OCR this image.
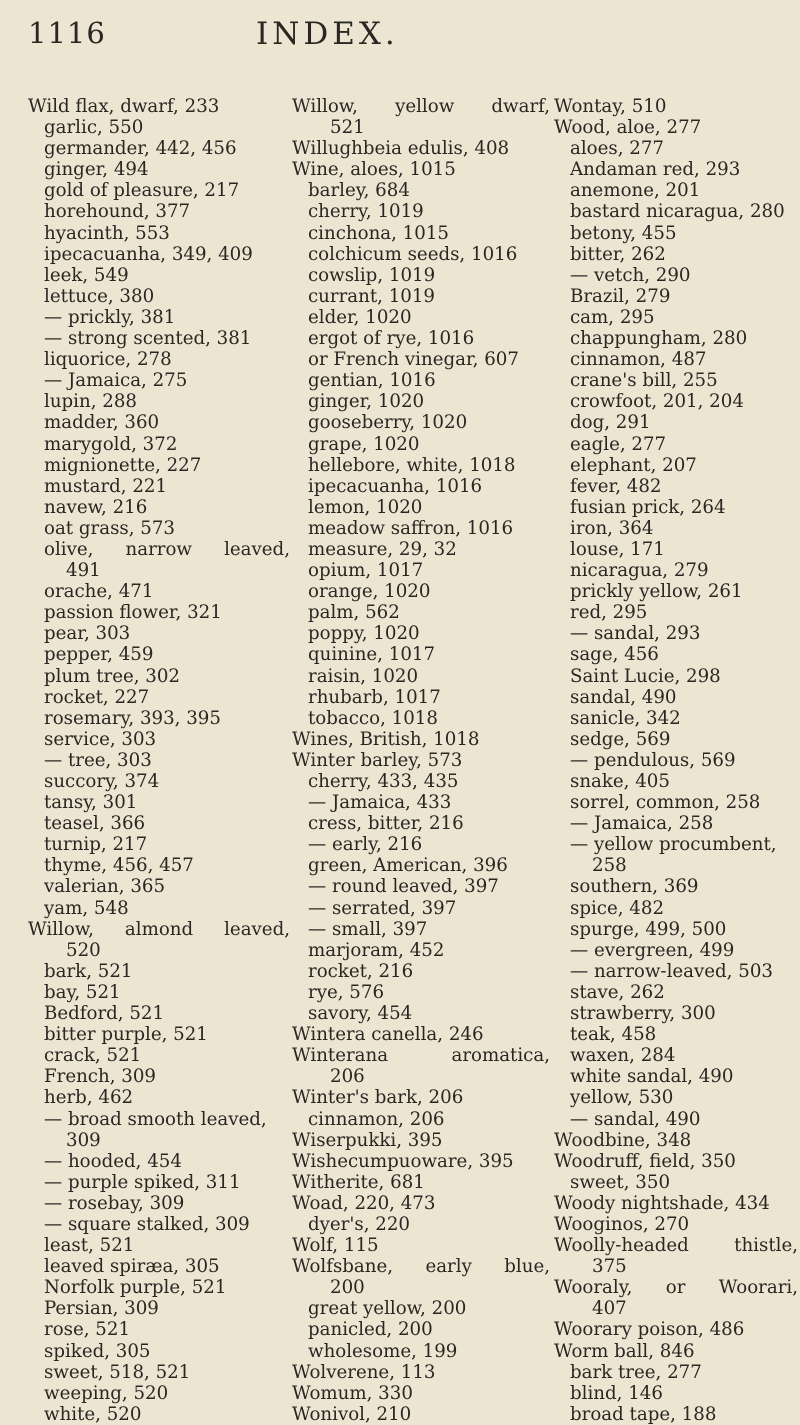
1116	INDEX.
Wild flax, dwarf, 233
garlic, 550
germander, 442, 456
ginger, 494
gold of pleasure, 217
horehound, 377
hyacinth, 553
ipecacuanha, 349, 409
leek, 549
lettuce, 380
— prickly, 381
— strong scented, 381
liquorice, 278
— Jamaica, 275
lupin, 288
madder, 360
marygold, 372
mignionette, 227
mustard, 221
navew, 216
oat grass, 573
olive, narrow leaved,
491
orache, 471
passion flower, 321
pear, 303
pepper, 459
plum tree, 302
rocket, 227
rosemary, 393, 395
service, 303
— tree, 303
succory, 374
tansy, 301
teasel, 366
turnip, 217
thyme, 456, 457
valerian, 365
yam, 548
Willow, almond leaved,
520
bark, 521
bay, 521
Bedford, 521
bitter purple, 521
crack, 521
French, 309
herb, 462
— broad smooth leaved,
309
— hooded, 454
— purple spiked, 311
— rosebay, 309
— square stalked, 309
least, 521
leaved spiræa, 305
Norfolk purple, 521
Persian, 309
rose, 521
spiked, 305
sweet, 518, 521
weeping, 520
white, 520
Willow, yellow dwarf,
521
Willughbeia edulis, 408
Wine, aloes, 1015
barley, 684
cherry, 1019
cinchona, 1015
colchicum seeds, 1016
cowslip, 1019
currant, 1019
elder, 1020
ergot of rye, 1016
or French vinegar, 607
gentian, 1016
ginger, 1020
gooseberry, 1020
grape, 1020
hellebore, white, 1018
ipecacuanha, 1016
lemon, 1020
meadow saffron, 1016
measure, 29, 32
opium, 1017
orange, 1020
palm, 562
poppy, 1020
quinine, 1017
raisin, 1020
rhubarb, 1017
tobacco, 1018
Wines, British, 1018
Winter barley, 573
cherry, 433, 435
— Jamaica, 433
cress, bitter, 216
— early, 216
green, American, 396
— round leaved, 397
— serrated, 397
— small, 397
marjoram, 452
rocket, 216
rye, 576
savory, 454
Wintera canella, 246
Winterana aromatica,
206
Winter's bark, 206
cinnamon, 206
Wiserpukki, 395
Wishecumpuoware, 395
Witherite, 681
Woad, 220, 473
dyer's, 220
Wolf, 115
Wolfsbane, early blue,
200
great yellow, 200
panicled, 200
wholesome, 199
Wolverene, 113
Womum, 330
Wonivol, 210
Wontay, 510
Wood, aloe, 277
aloes, 277
Andaman red, 293
anemone, 201
bastard nicaragua, 280
betony, 455
bitter, 262
— vetch, 290
Brazil, 279
cam, 295
chappungham, 280
cinnamon, 487
crane's bill, 255
crowfoot, 201, 204
dog, 291
eagle, 277
elephant, 207
fever, 482
fusian prick, 264
iron, 364
louse, 171
nicaragua, 279
prickly yellow, 261
red, 295
— sandal, 293
sage, 456
Saint Lucie, 298
sandal, 490
sanicle, 342
sedge, 569
— pendulous, 569
snake, 405
sorrel, common, 258
— Jamaica, 258
— yellow procumbent,
258
southern, 369
spice, 482
spurge, 499, 500
— evergreen, 499
— narrow-leaved, 503
stave, 262
strawberry, 300
teak, 458
waxen, 284
white sandal, 490
yellow, 530
— sandal, 490
Woodbine, 348
Woodruff, field, 350
sweet, 350
Woody nightshade, 434
Wooginos, 270
Woolly-headed thistle,
375
Wooraly, or Woorari,
407
Woorary poison, 486
Worm ball, 846
bark tree, 277
blind, 146
broad tape, 188
